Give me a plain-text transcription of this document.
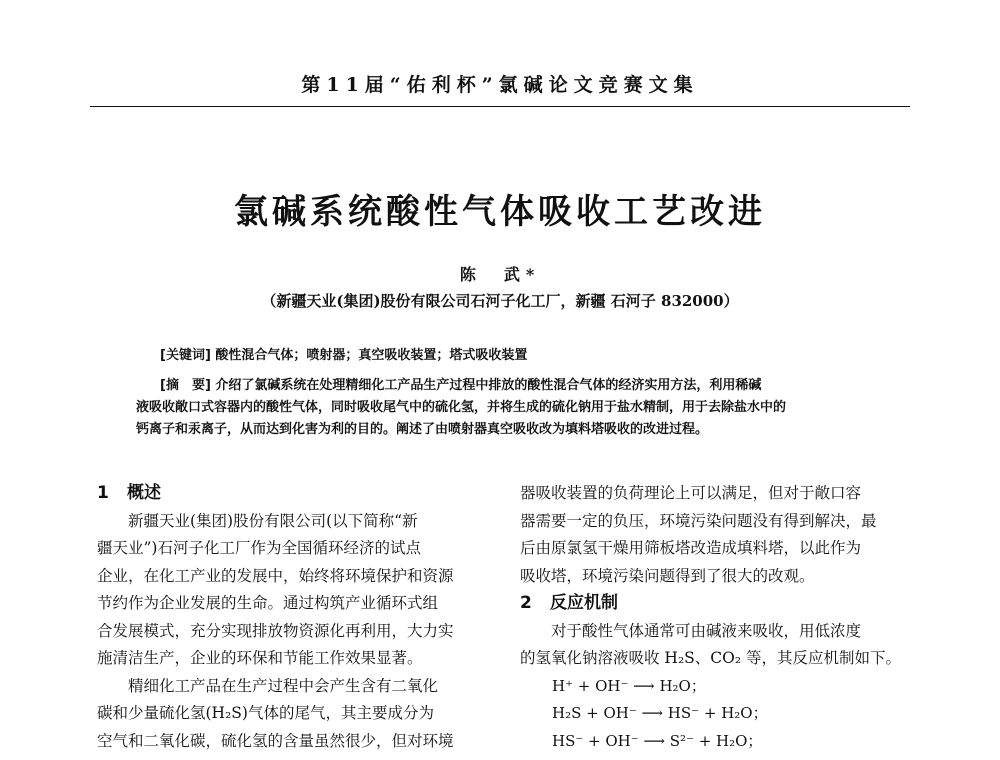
第11届“佑利杯”氯碱论文竞赛文集
氯碱系统酸性气体吸收工艺改进
陈　武*
（新疆天业(集团)股份有限公司石河子化工厂，新疆 石河子 832000）
[关键词] 酸性混合气体；喷射器；真空吸收装置；塔式吸收装置
[摘　要] 介绍了氯碱系统在处理精细化工产品生产过程中排放的酸性混合气体的经济实用方法，利用稀碱
液吸收敞口式容器内的酸性气体，同时吸收尾气中的硫化氢，并将生成的硫化钠用于盐水精制，用于去除盐水中的
钙离子和汞离子，从而达到化害为利的目的。阐述了由喷射器真空吸收改为填料塔吸收的改进过程。
1 概述
新疆天业(集团)股份有限公司(以下简称“新
疆天业”)石河子化工厂作为全国循环经济的试点
企业，在化工产业的发展中，始终将环境保护和资源
节约作为企业发展的生命。通过构筑产业循环式组
合发展模式，充分实现排放物资源化再利用，大力实
施清洁生产，企业的环保和节能工作效果显著。
精细化工产品在生产过程中会产生含有二氧化
碳和少量硫化氢(H₂S)气体的尾气，其主要成分为
空气和二氧化碳，硫化氢的含量虽然很少，但对环境
器吸收装置的负荷理论上可以满足，但对于敞口容
器需要一定的负压，环境污染问题没有得到解决，最
后由原氯氢干燥用筛板塔改造成填料塔，以此作为
吸收塔，环境污染问题得到了很大的改观。
2 反应机制
对于酸性气体通常可由碱液来吸收，用低浓度
的氢氧化钠溶液吸收 H₂S、CO₂ 等，其反应机制如下。
H⁺ + OH⁻ ⟶ H₂O；
H₂S + OH⁻ ⟶ HS⁻ + H₂O；
HS⁻ + OH⁻ ⟶ S²⁻ + H₂O；
